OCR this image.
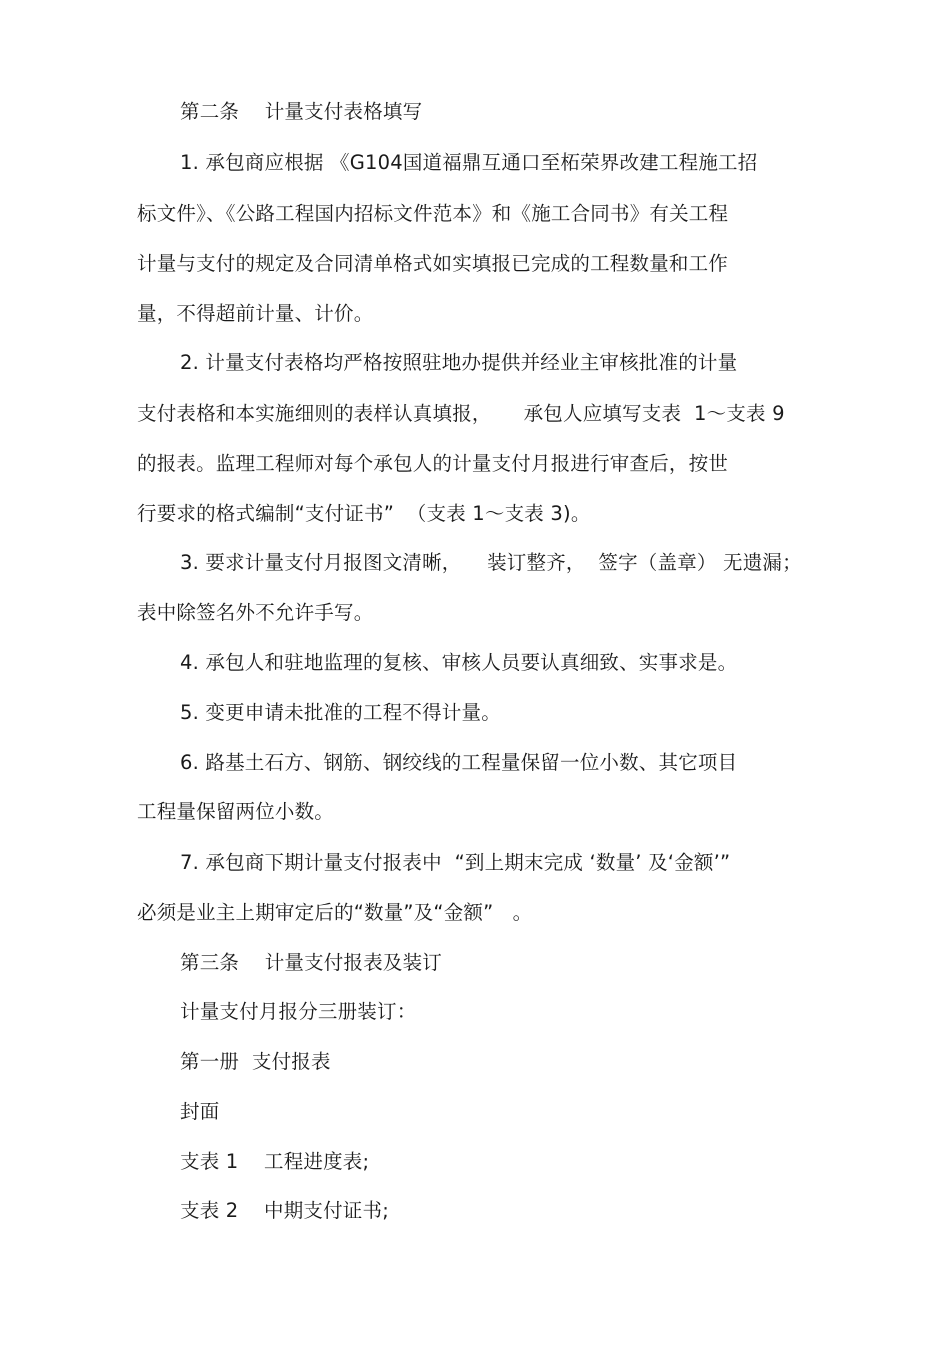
第二条    计量支付表格填写

1. 承包商应根据 《G104国道福鼎互通口至柘荣界改建工程施工招

标文件》、《公路工程国内招标文件范本》和《施工合同书》有关工程

计量与支付的规定及合同清单格式如实填报已完成的工程数量和工作

量，不得超前计量、计价。

2. 计量支付表格均严格按照驻地办提供并经业主审核批准的计量

支付表格和本实施细则的表样认真填报，     承包人应填写支表  1～支表 9

的报表。监理工程师对每个承包人的计量支付月报进行审查后，按世

行要求的格式编制“支付证书”  （支表 1～支表 3)。

3. 要求计量支付月报图文清晰，    装订整齐，  签字（盖章） 无遗漏；

表中除签名外不允许手写。

4. 承包人和驻地监理的复核、审核人员要认真细致、实事求是。

5. 变更申请未批准的工程不得计量。

6. 路基土石方、钢筋、钢绞线的工程量保留一位小数、其它项目

工程量保留两位小数。

7. 承包商下期计量支付报表中  “到上期末完成 ‘数量’ 及‘金额’”

必须是业主上期审定后的“数量”及“金额”   。

第三条    计量支付报表及装订

计量支付月报分三册装订：

第一册  支付报表

封面

支表 1    工程进度表;

支表 2    中期支付证书;
